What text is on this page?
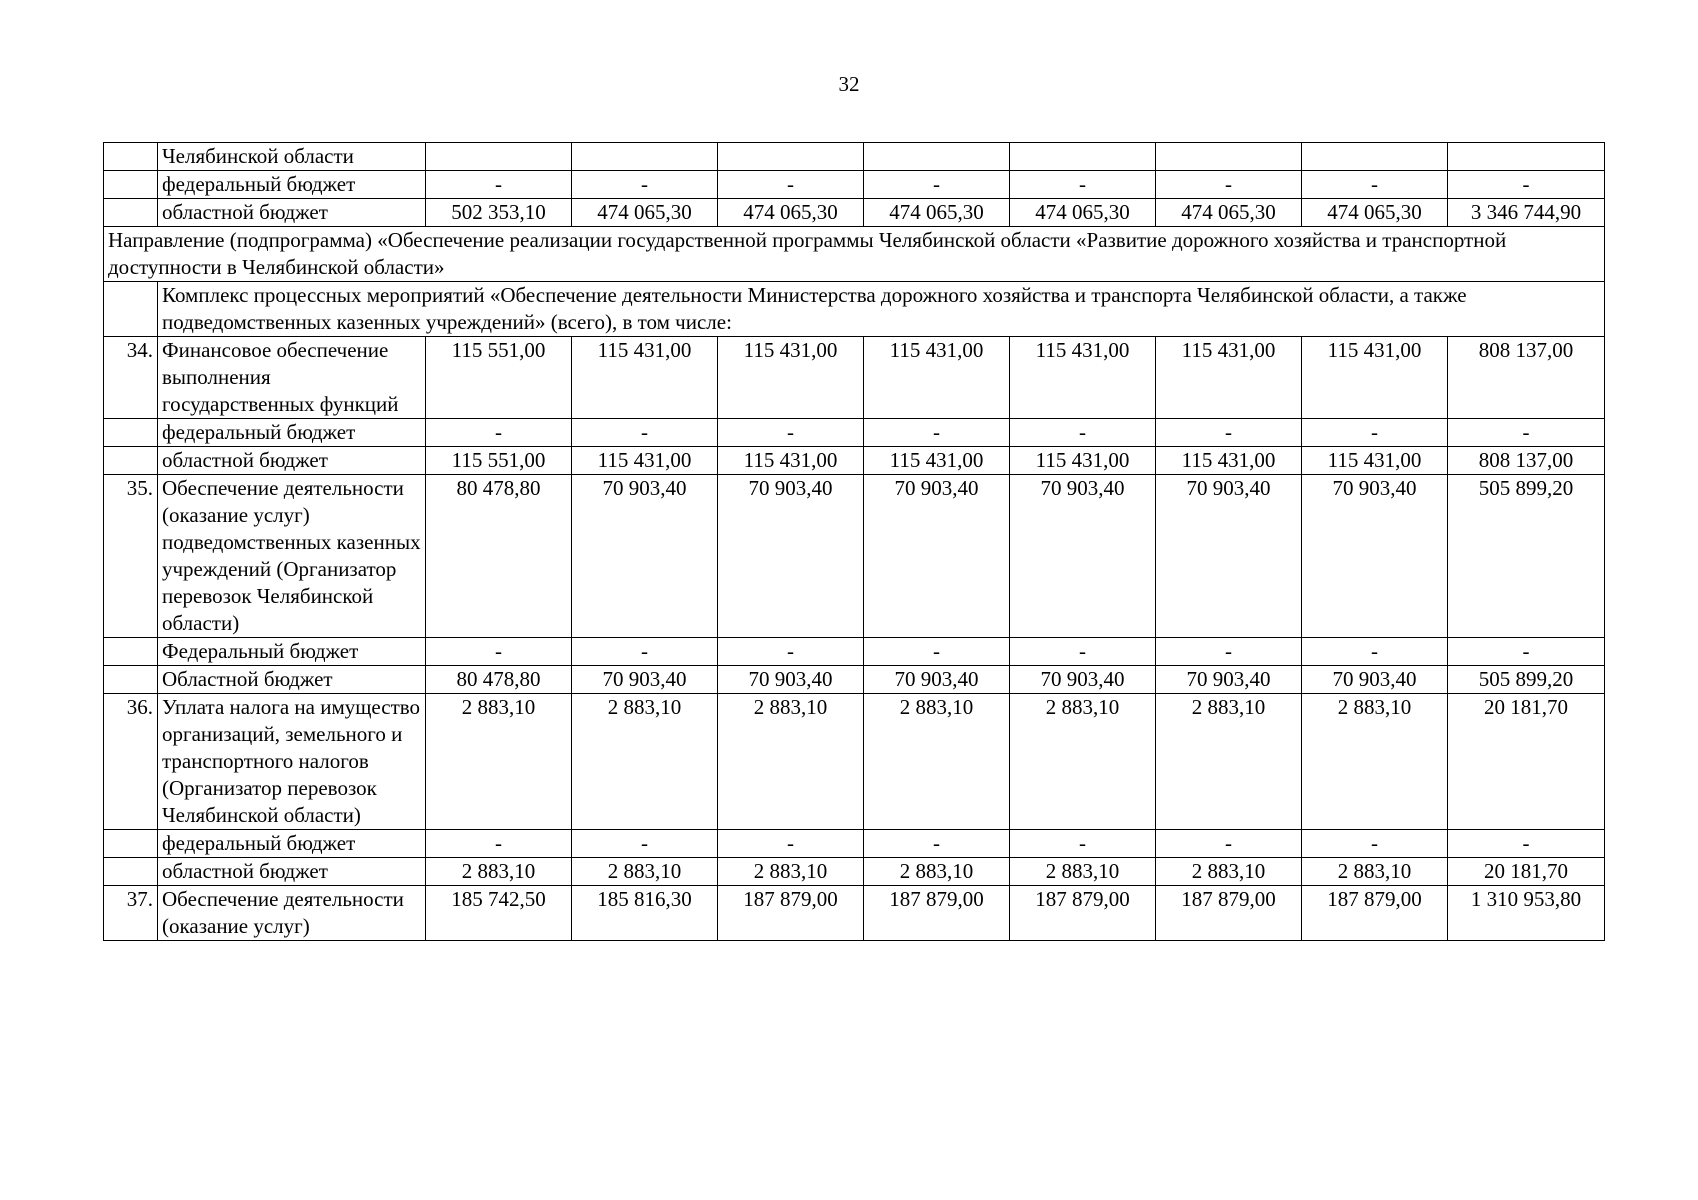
32
	Челябинской области								
	федеральный бюджет	-	-	-	-	-	-	-	-
	областной бюджет	502 353,10	474 065,30	474 065,30	474 065,30	474 065,30	474 065,30	474 065,30	3 346 744,90
Направление (подпрограмма) «Обеспечение реализации государственной программы Челябинской области «Развитие дорожного хозяйства и транспортной доступности в Челябинской области»									
	Комплекс процессных мероприятий «Обеспечение деятельности Министерства дорожного хозяйства и транспорта Челябинской области, а также подведомственных казенных учреждений» (всего), в том числе:								
34.	Финансовое обеспечение выполнения государственных функций	115 551,00	115 431,00	115 431,00	115 431,00	115 431,00	115 431,00	115 431,00	808 137,00
	федеральный бюджет	-	-	-	-	-	-	-	-
	областной бюджет	115 551,00	115 431,00	115 431,00	115 431,00	115 431,00	115 431,00	115 431,00	808 137,00
35.	Обеспечение деятельности (оказание услуг) подведомственных казенных учреждений (Организатор перевозок Челябинской области)	80 478,80	70 903,40	70 903,40	70 903,40	70 903,40	70 903,40	70 903,40	505 899,20
	Федеральный бюджет	-	-	-	-	-	-	-	-
	Областной бюджет	80 478,80	70 903,40	70 903,40	70 903,40	70 903,40	70 903,40	70 903,40	505 899,20
36.	Уплата налога на имущество организаций, земельного и транспортного налогов (Организатор перевозок Челябинской области)	2 883,10	2 883,10	2 883,10	2 883,10	2 883,10	2 883,10	2 883,10	20 181,70
	федеральный бюджет	-	-	-	-	-	-	-	-
	областной бюджет	2 883,10	2 883,10	2 883,10	2 883,10	2 883,10	2 883,10	2 883,10	20 181,70
37.	Обеспечение деятельности (оказание услуг)	185 742,50	185 816,30	187 879,00	187 879,00	187 879,00	187 879,00	187 879,00	1 310 953,80
